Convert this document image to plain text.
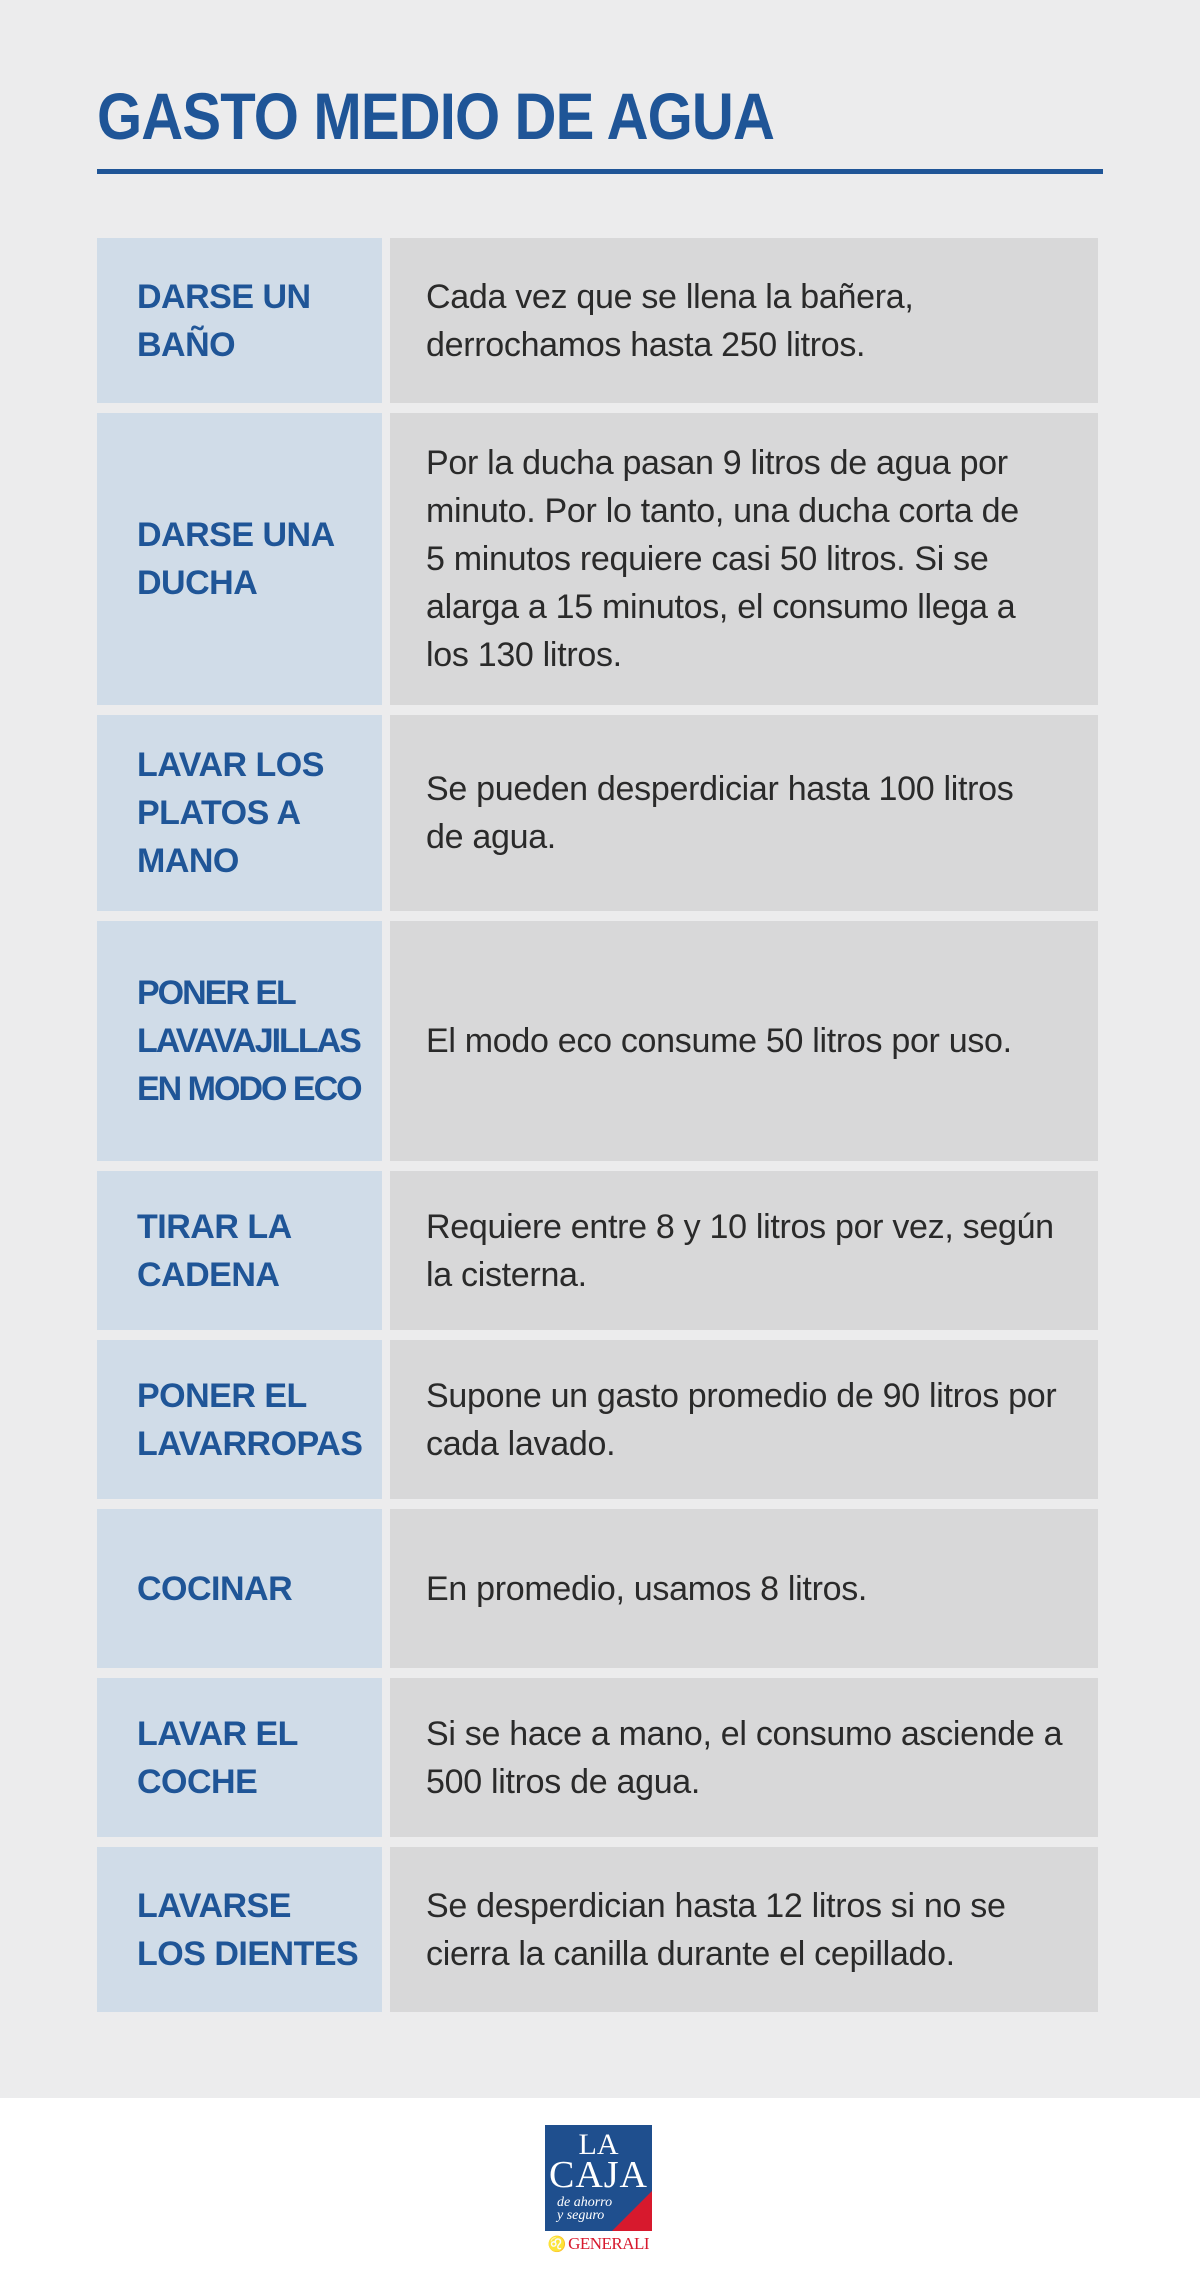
GASTO MEDIO DE AGUA
DARSE UN
BAÑO
Cada vez que se llena la bañera,
derrochamos hasta 250 litros.
DARSE UNA
DUCHA
Por la ducha pasan 9 litros de agua por
minuto. Por lo tanto, una ducha corta de
5 minutos requiere casi 50 litros. Si se
alarga a 15 minutos, el consumo llega a
los 130 litros.
LAVAR LOS
PLATOS A
MANO
Se pueden desperdiciar hasta 100 litros
de agua.
PONER EL
LAVAVAJILLAS
EN MODO ECO
El modo eco consume 50 litros por uso.
TIRAR LA
CADENA
Requiere entre 8 y 10 litros por vez, según
la cisterna.
PONER EL
LAVARROPAS
Supone un gasto promedio de 90 litros por
cada lavado.
COCINAR	En promedio, usamos 8 litros.
LAVAR EL
COCHE
Si se hace a mano, el consumo asciende a
500 litros de agua.
LAVARSE
LOS DIENTES
Se desperdician hasta 12 litros si no se
cierra la canilla durante el cepillado.
LA
CAJA
de ahorro
y seguro
♌ GENERALI
